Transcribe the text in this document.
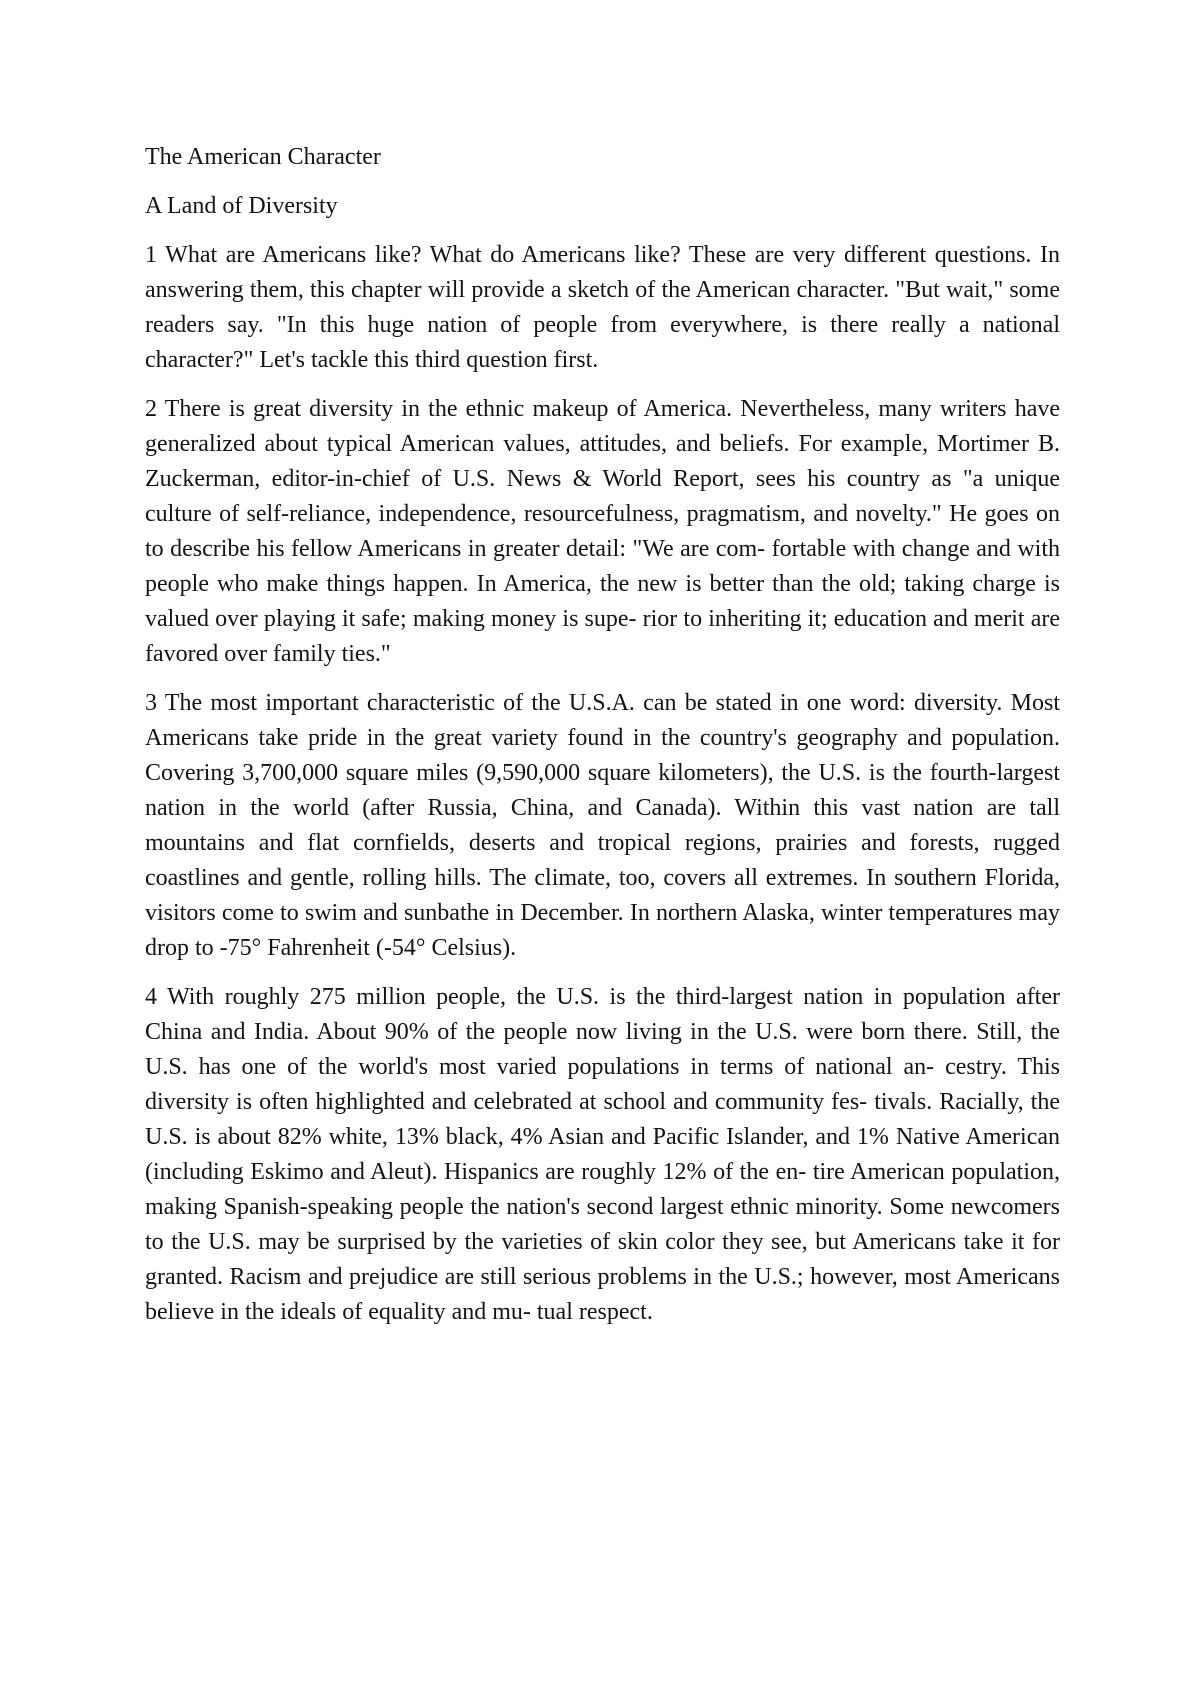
The American Character
A Land of Diversity

1 What are Americans like? What do Americans like? These are very different questions. In answering them, this chapter will provide a sketch of the American character. "But wait," some readers say. "In this huge nation of people from everywhere, is there really a national character?" Let's tackle this third question first.

2 There is great diversity in the ethnic makeup of America. Nevertheless, many writers have generalized about typical American values, attitudes, and beliefs. For example, Mortimer B. Zuckerman, editor-in-chief of U.S. News & World Report, sees his country as "a unique culture of self-reliance, independence, resourcefulness, pragmatism, and novelty." He goes on to describe his fellow Americans in greater detail: "We are com- fortable with change and with people who make things happen. In America, the new is better than the old; taking charge is valued over playing it safe; making money is supe- rior to inheriting it; education and merit are favored over family ties."

3 The most important characteristic of the U.S.A. can be stated in one word: diversity. Most Americans take pride in the great variety found in the country's geography and population. Covering 3,700,000 square miles (9,590,000 square kilometers), the U.S. is the fourth-largest nation in the world (after Russia, China, and Canada). Within this vast nation are tall mountains and flat cornfields, deserts and tropical regions, prairies and forests, rugged coastlines and gentle, rolling hills. The climate, too, covers all extremes. In southern Florida, visitors come to swim and sunbathe in December. In northern Alaska, winter temperatures may drop to -75° Fahrenheit (-54° Celsius).

4 With roughly 275 million people, the U.S. is the third-largest nation in population after China and India. About 90% of the people now living in the U.S. were born there. Still, the U.S. has one of the world's most varied populations in terms of national an- cestry. This diversity is often highlighted and celebrated at school and community fes- tivals. Racially, the U.S. is about 82% white, 13% black, 4% Asian and Pacific Islander, and 1% Native American (including Eskimo and Aleut). Hispanics are roughly 12% of the en- tire American population, making Spanish-speaking people the nation's second largest ethnic minority. Some newcomers to the U.S. may be surprised by the varieties of skin color they see, but Americans take it for granted. Racism and prejudice are still serious problems in the U.S.; however, most Americans believe in the ideals of equality and mu- tual respect.
